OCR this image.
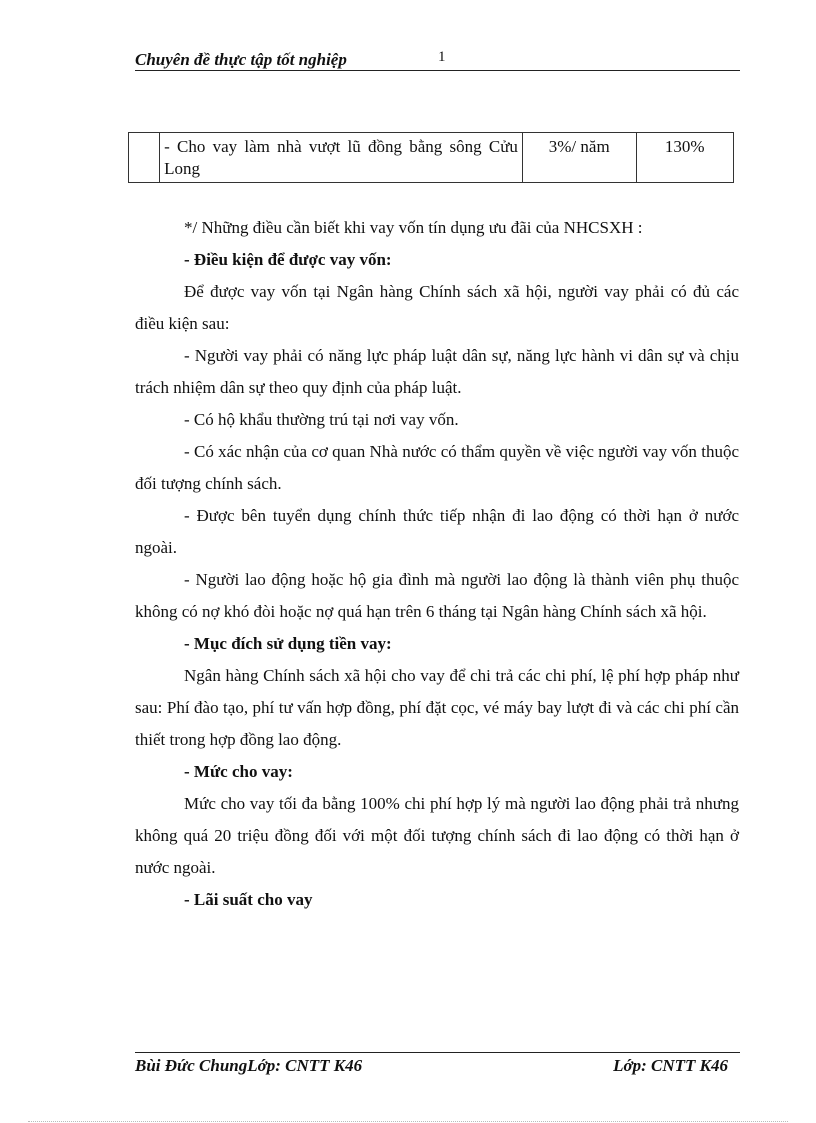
Chuyên đề thực tập tốt nghiệp	1
	- Cho vay làm nhà vượt lũ đồng bằng sông Cửu Long	3%/ năm	130%

*/ Những điều cần biết khi vay vốn tín dụng ưu đãi của NHCSXH :

- Điều kiện để được vay vốn:

Để được vay vốn tại Ngân hàng Chính sách xã hội, người vay phải có đủ các điều kiện sau:

- Người vay phải có năng lực pháp luật dân sự, năng lực hành vi dân sự và chịu trách nhiệm dân sự theo quy định của pháp luật.

- Có hộ khẩu thường trú tại nơi vay vốn.

- Có xác nhận của cơ quan Nhà nước có thẩm quyền về việc người vay vốn thuộc đối tượng chính sách.

- Được bên tuyển dụng chính thức tiếp nhận đi lao động có thời hạn ở nước ngoài.

- Người lao động hoặc hộ gia đình mà người lao động là thành viên phụ thuộc không có nợ khó đòi hoặc nợ quá hạn trên 6 tháng tại Ngân hàng Chính sách xã hội.

- Mục đích sử dụng tiền vay:

Ngân hàng Chính sách xã hội cho vay để chi trả các chi phí, lệ phí hợp pháp như sau: Phí đào tạo, phí tư vấn hợp đồng, phí đặt cọc, vé máy bay lượt đi và các chi phí cần thiết trong hợp đồng lao động.

- Mức cho vay:

Mức cho vay tối đa bằng 100% chi phí hợp lý mà người lao động phải trả nhưng không quá 20 triệu đồng đối với một đối tượng chính sách đi lao động có thời hạn ở nước ngoài.

- Lãi suất cho vay

Bùi Đức ChungLớp: CNTT K46	Lớp: CNTT K46
